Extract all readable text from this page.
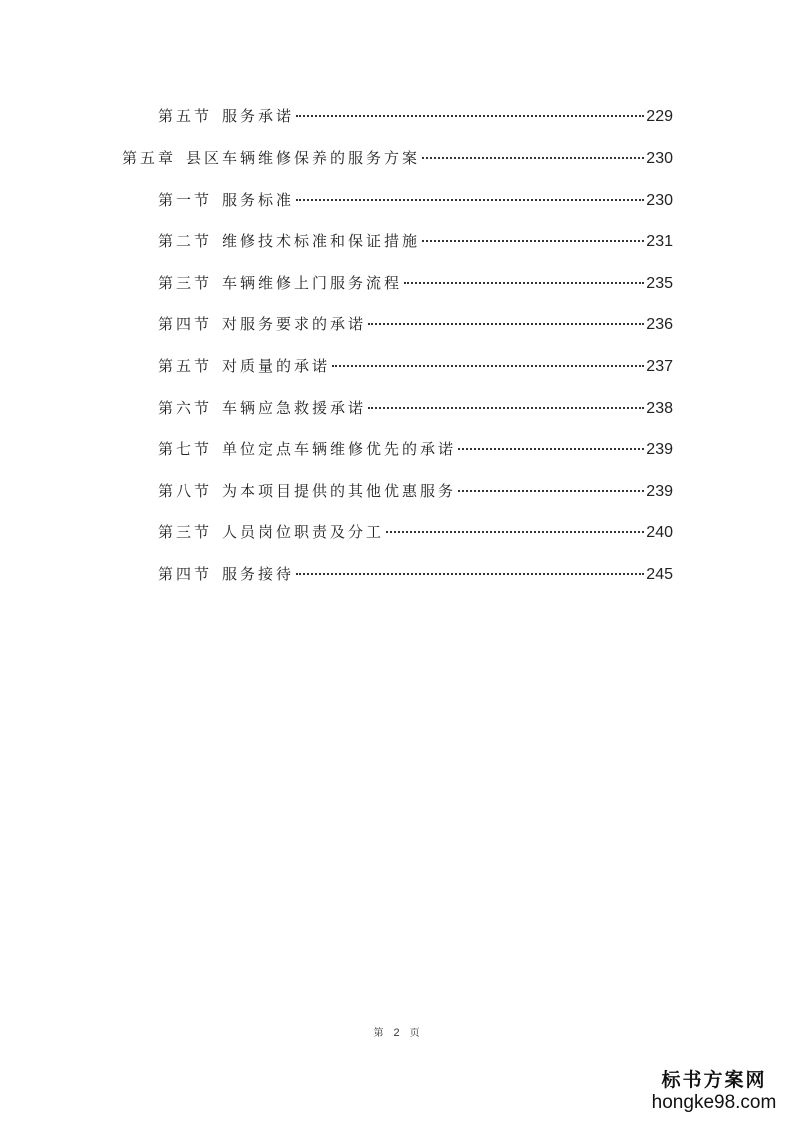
第五节 服务承诺	229
第五章 县区车辆维修保养的服务方案	230
第一节 服务标准	230
第二节 维修技术标准和保证措施	231
第三节 车辆维修上门服务流程	235
第四节 对服务要求的承诺	236
第五节 对质量的承诺	237
第六节 车辆应急救援承诺	238
第七节 单位定点车辆维修优先的承诺	239
第八节 为本项目提供的其他优惠服务	239
第三节 人员岗位职责及分工	240
第四节 服务接待	245
第 2 页
标书方案网
hongke98.com
